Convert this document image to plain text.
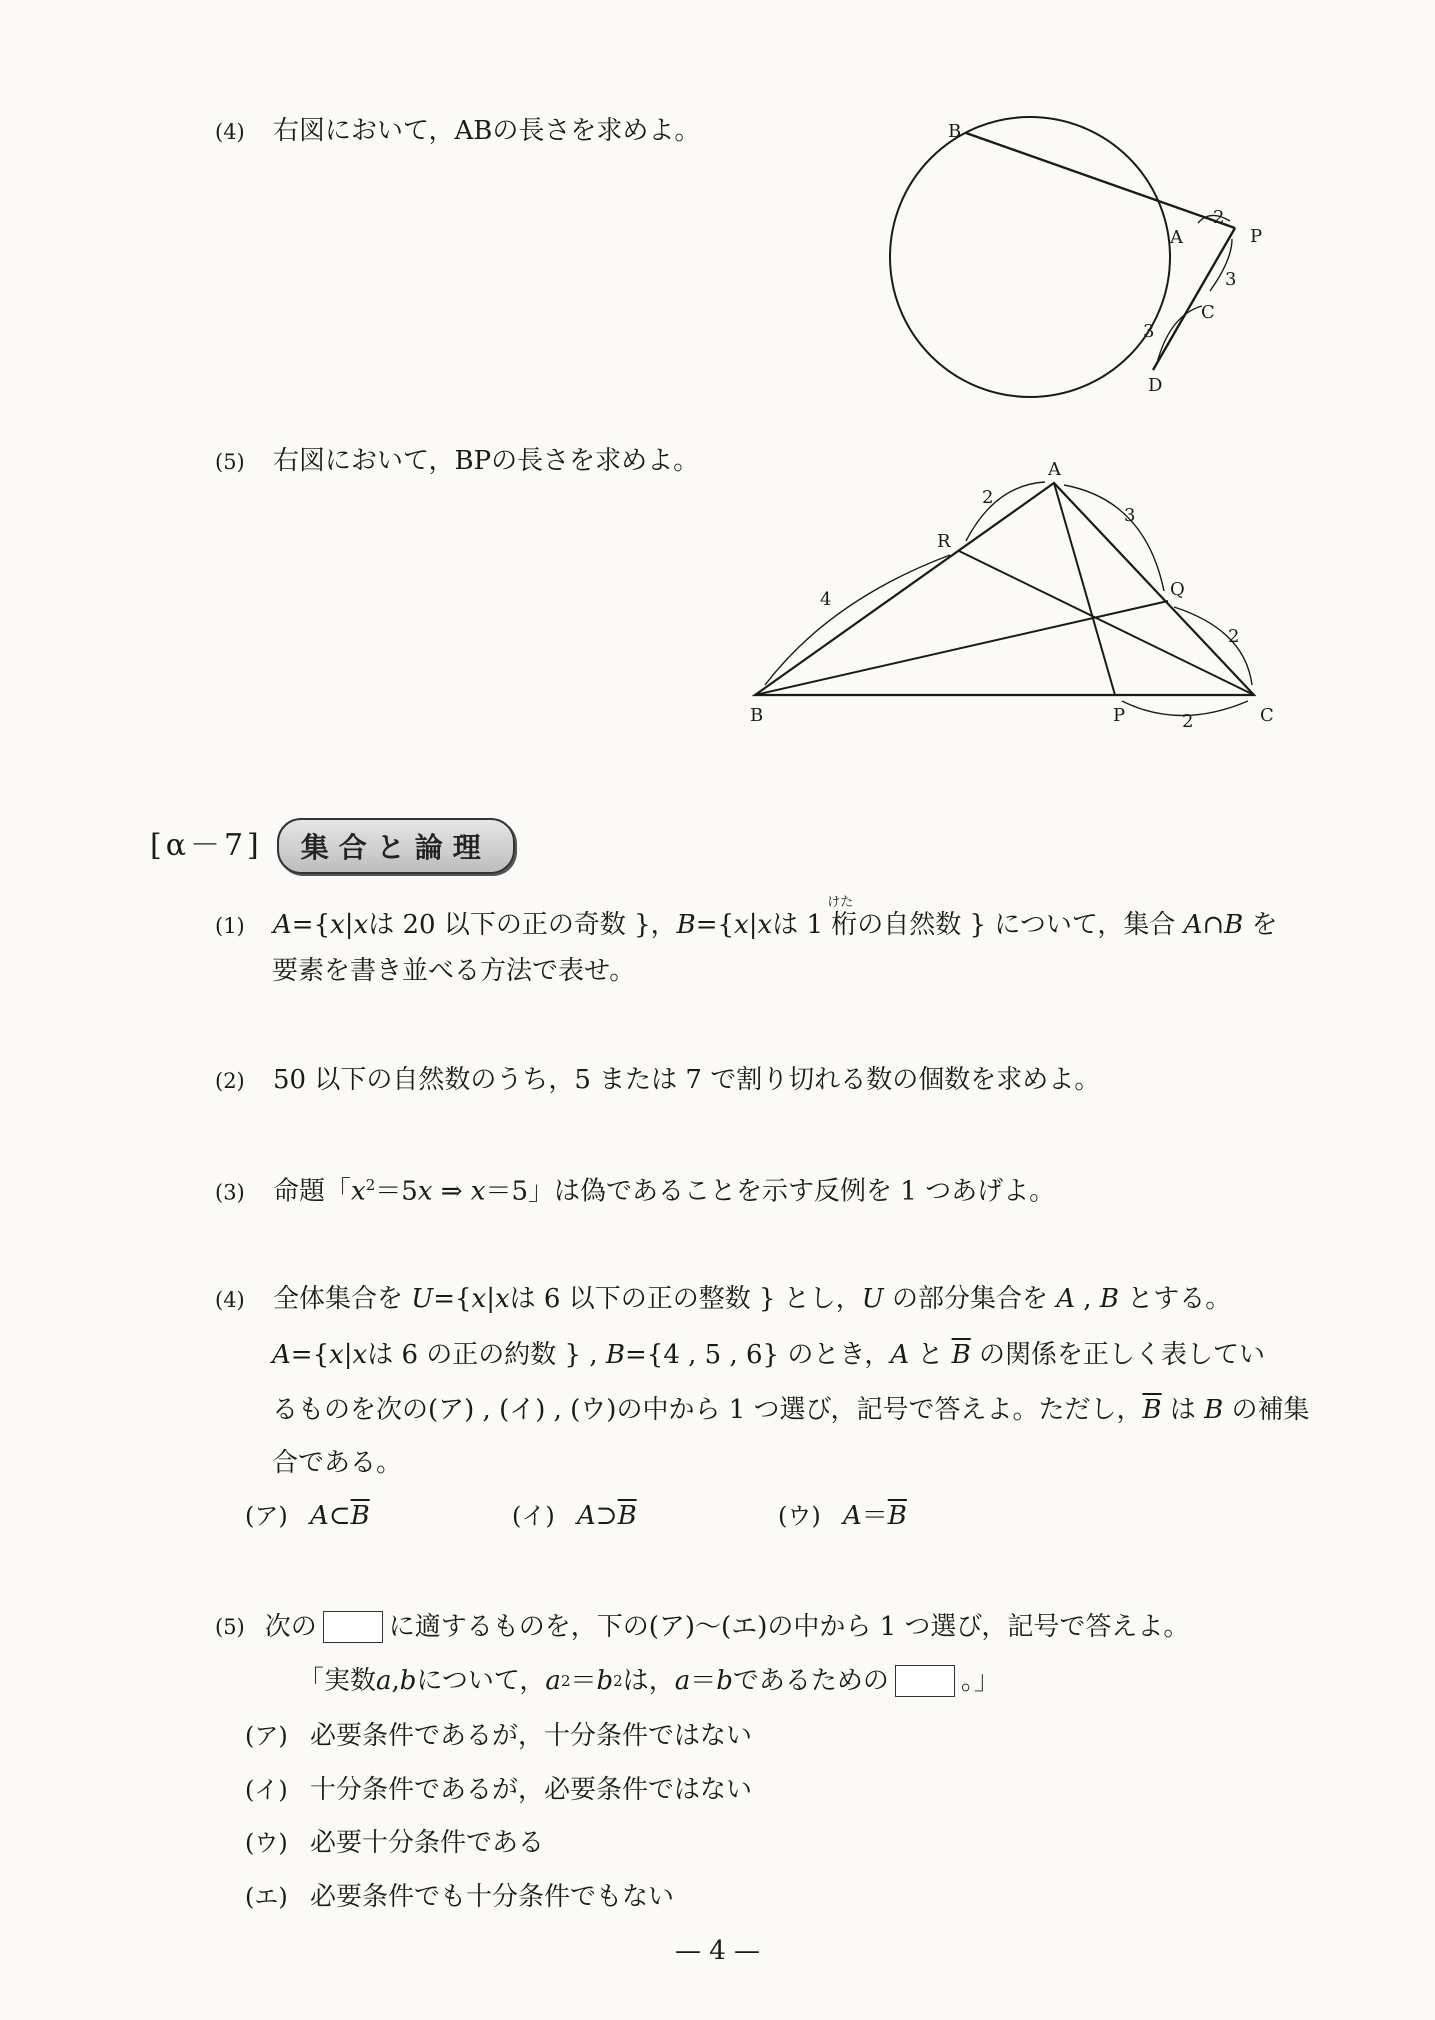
(4) 右図において，ABの長さを求めよ。	B
A	P
C
D
2
3
3
(5) 右図において，BPの長さを求めよ。	A
R
Q
B	P	C
2
3
4
2
2
[α－7]	集合と論理
(1) A={x|xは 20 以下の正の奇数 }，B={x|xは 1
けた
桁の自然数 } について，集合 A∩B を
要素を書き並べる方法で表せ。
(2) 50 以下の自然数のうち，5 または 7 で割り切れる数の個数を求めよ。
(3) 命題「$x^2=5x$ ⇒ x＝5」は偽であることを示す反例を 1 つあげよ。
(4) 全体集合を U={x|xは 6 以下の正の整数 } とし，U の部分集合を A , B とする。
A={x|xは 6 の正の約数 } , B={4 , 5 , 6} のとき，A と $\overline{B}$ の関係を正しく表してい
るものを次の(ア) , (イ) , (ウ)の中から 1 つ選び，記号で答えよ。ただし，$\overline{B}$ は B の補集
合である。
(ア) $A\subset\overline{B}$	(イ) $A⊃\overline{B}$	(ウ) $A=\overline{B}$
(5) 次の	に適するものを，下の(ア)～(エ)の中から 1 つ選び，記号で答えよ。
「実数 a , b について， a 2 ＝ b 2 は， a ＝ b であるための	。」
(ア) 必要条件であるが，十分条件ではない
(イ) 十分条件であるが，必要条件ではない
(ウ) 必要十分条件である
(エ) 必要条件でも十分条件でもない
— 4 —
